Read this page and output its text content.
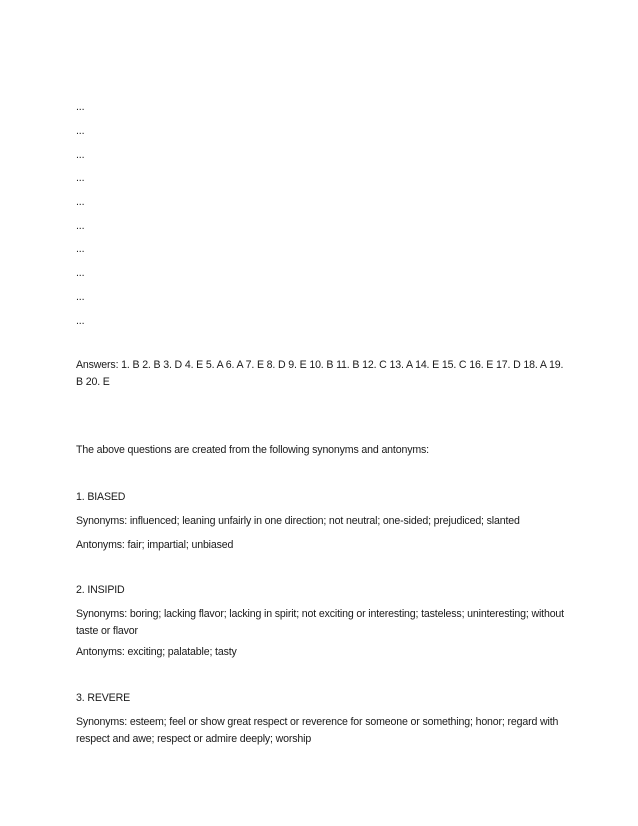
...
...
...
...
...
...
...
...
...
...
Answers: 1. B 2. B 3. D 4. E 5. A 6. A 7. E 8. D 9. E 10. B 11. B 12. C 13. A 14. E 15. C 16. E 17. D 18. A 19. B 20. E
The above questions are created from the following synonyms and antonyms:
1. BIASED
Synonyms: influenced; leaning unfairly in one direction; not neutral; one-sided; prejudiced; slanted
Antonyms: fair; impartial; unbiased
2. INSIPID
Synonyms: boring; lacking flavor; lacking in spirit; not exciting or interesting; tasteless; uninteresting; without taste or flavor
Antonyms: exciting; palatable; tasty
3. REVERE
Synonyms: esteem; feel or show great respect or reverence for someone or something; honor; regard with respect and awe; respect or admire deeply; worship
